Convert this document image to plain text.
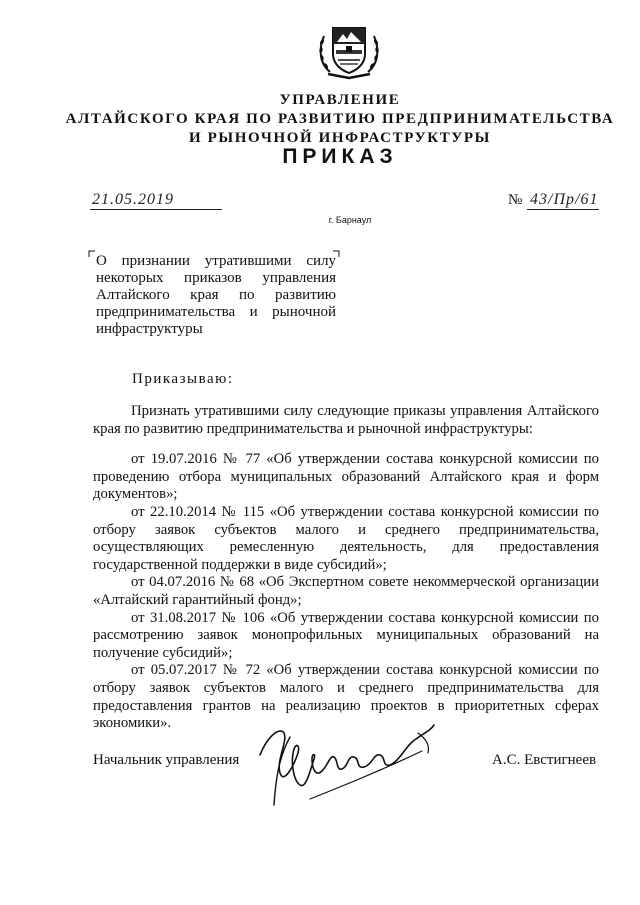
УПРАВЛЕНИЕ
АЛТАЙСКОГО КРАЯ ПО РАЗВИТИЮ ПРЕДПРИНИМАТЕЛЬСТВА
И РЫНОЧНОЙ ИНФРАСТРУКТУРЫ
ПРИКАЗ
21.05.2019	№ 43/Пр/61
г. Барнаул
О признании утратившими силу некоторых приказов управления Алтайского края по развитию предпринимательства и рыночной инфраструктуры
Приказываю:

Признать утратившими силу следующие приказы управления Алтайского края по развитию предпринимательства и рыночной инфраструктуры:

от 19.07.2016 № 77 «Об утверждении состава конкурсной комиссии по проведению отбора муниципальных образований Алтайского края и форм документов»;

от 22.10.2014 № 115 «Об утверждении состава конкурсной комиссии по отбору заявок субъектов малого и среднего предпринимательства, осуществляющих ремесленную деятельность, для предоставления государственной поддержки в виде субсидий»;

от 04.07.2016 № 68 «Об Экспертном совете некоммерческой организации «Алтайский гарантийный фонд»;

от 31.08.2017 № 106 «Об утверждении состава конкурсной комиссии по рассмотрению заявок монопрофильных муниципальных образований на получение субсидий»;

от 05.07.2017 № 72 «Об утверждении состава конкурсной комиссии по отбору заявок субъектов малого и среднего предпринимательства для предоставления грантов на реализацию проектов в приоритетных сферах экономики».

Начальник управления	А.С. Евстигнеев
